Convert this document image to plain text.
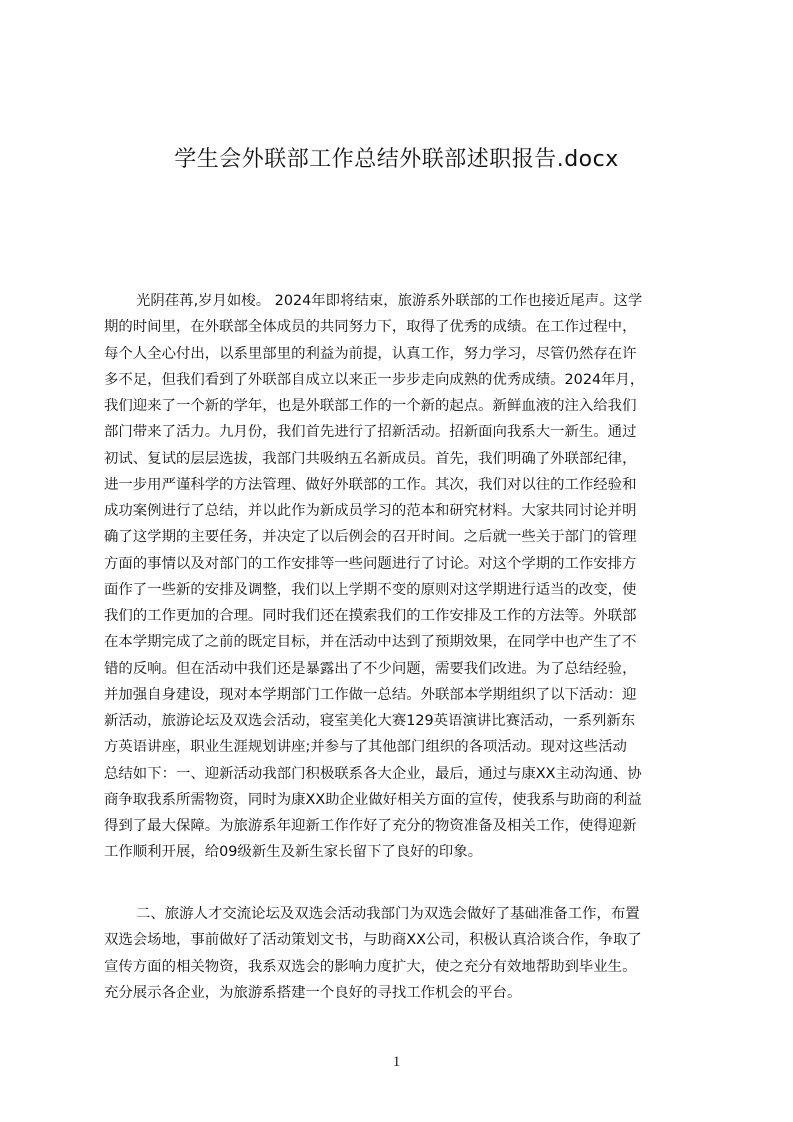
学生会外联部工作总结外联部述职报告.docx
光阴荏苒,岁月如梭。 2024年即将结束，旅游系外联部的工作也接近尾声。这学
期的时间里，在外联部全体成员的共同努力下，取得了优秀的成绩。在工作过程中，
每个人全心付出，以系里部里的利益为前提，认真工作，努力学习，尽管仍然存在许
多不足，但我们看到了外联部自成立以来正一步步走向成熟的优秀成绩。2024年月，
我们迎来了一个新的学年，也是外联部工作的一个新的起点。新鲜血液的注入给我们
部门带来了活力。九月份，我们首先进行了招新活动。招新面向我系大一新生。通过
初试、复试的层层选拔，我部门共吸纳五名新成员。首先，我们明确了外联部纪律，
进一步用严谨科学的方法管理、做好外联部的工作。其次，我们对以往的工作经验和
成功案例进行了总结，并以此作为新成员学习的范本和研究材料。大家共同讨论并明
确了这学期的主要任务，并决定了以后例会的召开时间。之后就一些关于部门的管理
方面的事情以及对部门的工作安排等一些问题进行了讨论。对这个学期的工作安排方
面作了一些新的安排及调整，我们以上学期不变的原则对这学期进行适当的改变，使
我们的工作更加的合理。同时我们还在摸索我们的工作安排及工作的方法等。外联部
在本学期完成了之前的既定目标，并在活动中达到了预期效果，在同学中也产生了不
错的反响。但在活动中我们还是暴露出了不少问题，需要我们改进。为了总结经验，
并加强自身建设，现对本学期部门工作做一总结。外联部本学期组织了以下活动：迎
新活动，旅游论坛及双选会活动，寝室美化大赛129英语演讲比赛活动，一系列新东
方英语讲座，职业生涯规划讲座;并参与了其他部门组织的各项活动。现对这些活动
总结如下：一、迎新活动我部门积极联系各大企业，最后，通过与康XX主动沟通、协
商争取我系所需物资，同时为康XX助企业做好相关方面的宣传，使我系与助商的利益
得到了最大保障。为旅游系年迎新工作作好了充分的物资准备及相关工作，使得迎新
工作顺利开展，给09级新生及新生家长留下了良好的印象。
二、旅游人才交流论坛及双选会活动我部门为双选会做好了基础准备工作，布置
双选会场地，事前做好了活动策划文书，与助商XX公司，积极认真洽谈合作，争取了
宣传方面的相关物资，我系双选会的影响力度扩大，使之充分有效地帮助到毕业生。
充分展示各企业，为旅游系搭建一个良好的寻找工作机会的平台。
1
